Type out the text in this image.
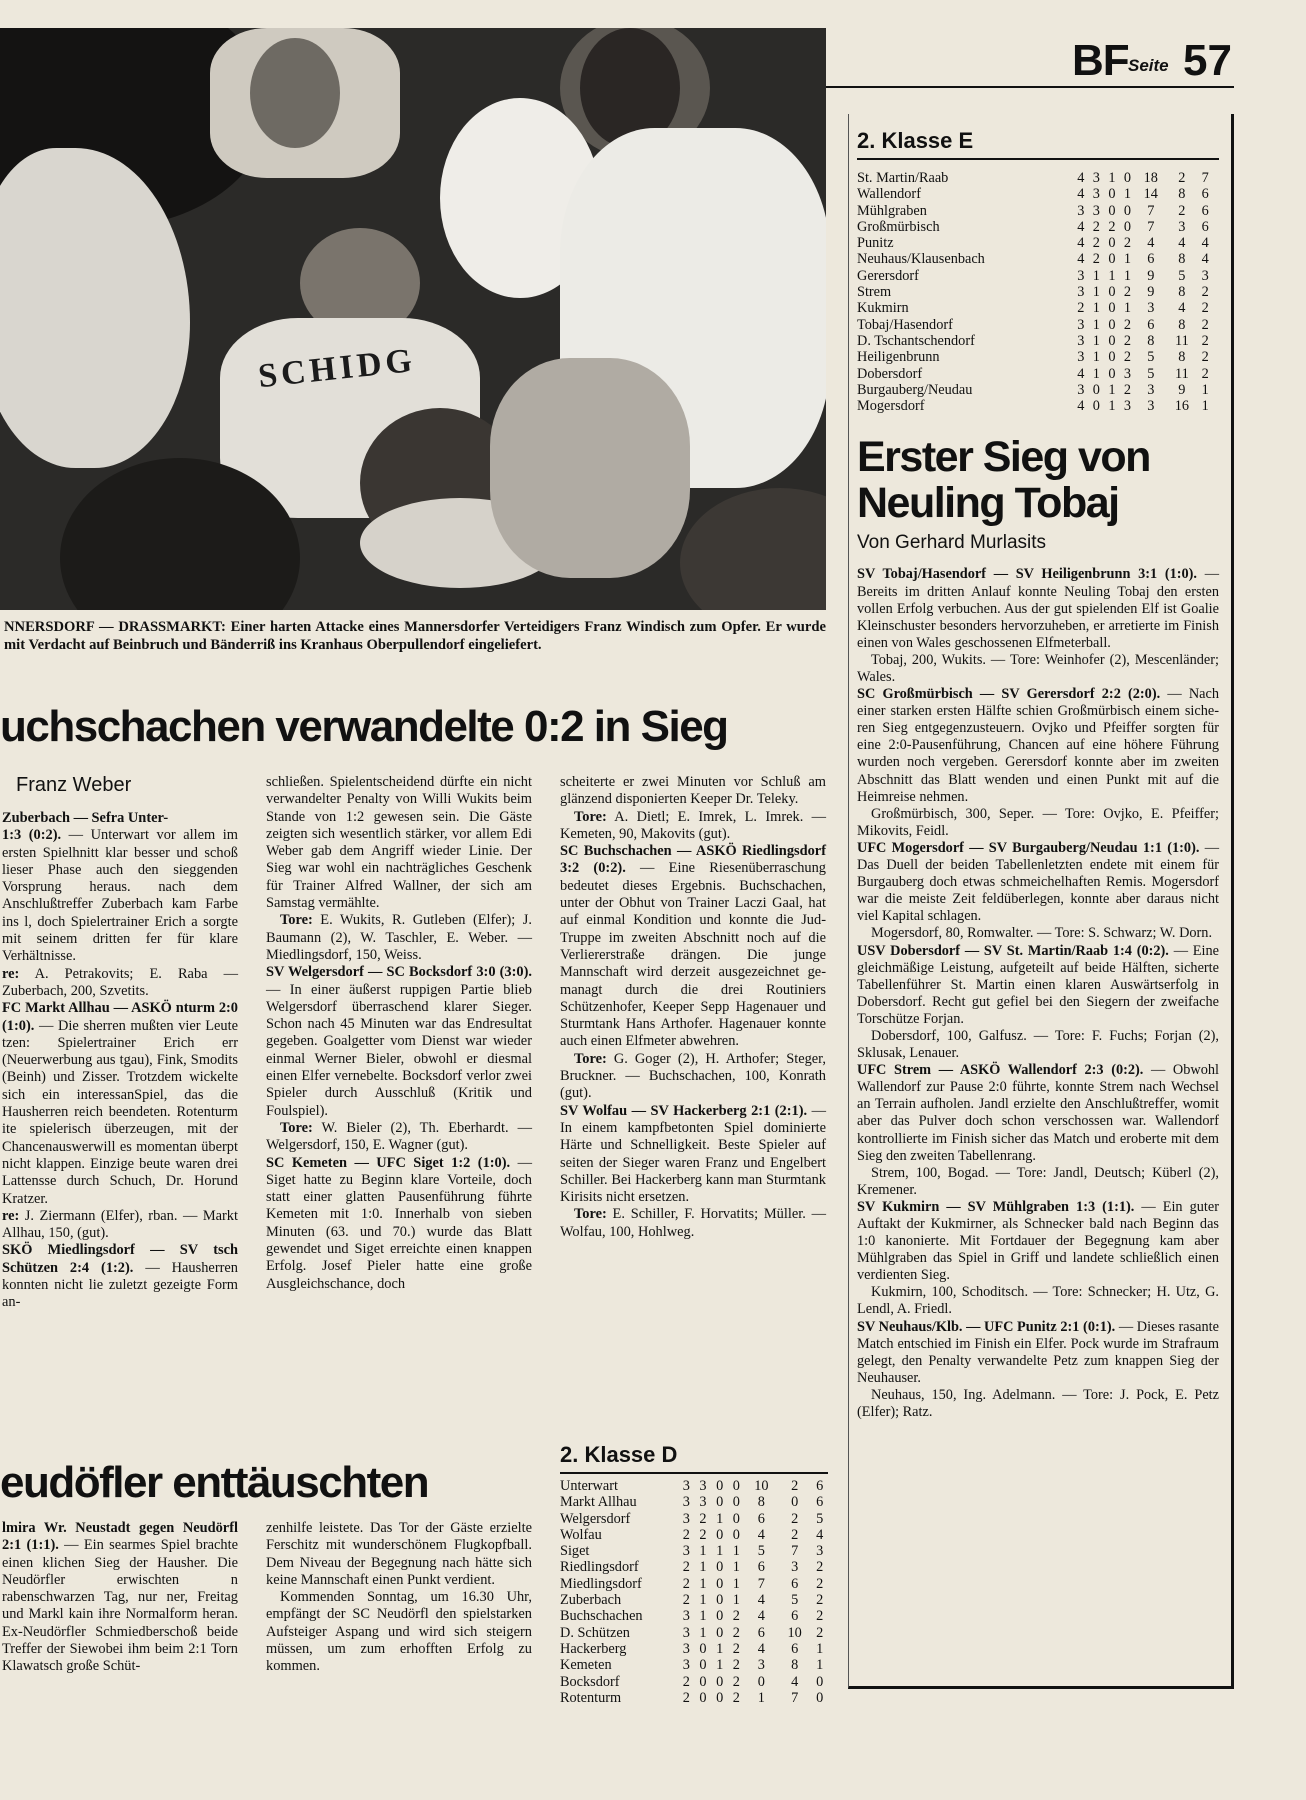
SCHIDG
NNERSDORF — DRASSMARKT: Einer harten Attacke eines Mannersdorfer Verteidigers Franz Windisch zum Opfer. Er wurde mit Verdacht auf Beinbruch und Bänderriß ins Kranhaus Oberpullendorf eingeliefert.
BF Seite 57
uchschachen verwandelte 0:2 in Sieg
Franz Weber

Zuberbach — Sefra Unter-

1:3 (0:2). — Unterwart vor allem im ersten Spielhnitt klar besser und schoß lieser Phase auch den sieggenden Vorsprung heraus. nach dem Anschlußtreffer Zuberbach kam Farbe ins l, doch Spielertrainer Erich a sorgte mit seinem dritten fer für klare Verhältnisse.

re: A. Petrakovits; E. Raba — Zuberbach, 200, Szvetits.

FC Markt Allhau — ASKÖ nturm 2:0 (1:0). — Die sherren mußten vier Leute tzen: Spielertrainer Erich err (Neuerwerbung aus tgau), Fink, Smodits (Beinh) und Zisser. Trotzdem wickelte sich ein interessanSpiel, das die Hausherren reich beendeten. Rotenturm ite spielerisch überzeugen, mit der Chancenauswerwill es momentan überpt nicht klappen. Einzige beute waren drei Lattensse durch Schuch, Dr. Horund Kratzer.

re: J. Ziermann (Elfer), rban. — Markt Allhau, 150, (gut).

SKÖ Miedlingsdorf — SV tsch Schützen 2:4 (1:2). — Hausherren konnten nicht lie zuletzt gezeigte Form an-

schließen. Spielentscheidend dürfte ein nicht verwandelter Penalty von Willi Wukits beim Stande von 1:2 gewesen sein. Die Gäste zeigten sich wesentlich stärker, vor allem Edi Weber gab dem Angriff wieder Linie. Der Sieg war wohl ein nachträgliches Geschenk für Trainer Alfred Wallner, der sich am Samstag vermählte.

Tore: E. Wukits, R. Gutleben (Elfer); J. Baumann (2), W. Taschler, E. Weber. — Miedlingsdorf, 150, Weiss.

SV Welgersdorf — SC Bocksdorf 3:0 (3:0). — In einer äußerst ruppigen Partie blieb Welgersdorf überraschend klarer Sieger. Schon nach 45 Minuten war das Endresultat gegeben. Goalgetter vom Dienst war wieder einmal Werner Bieler, obwohl er diesmal einen Elfer vernebelte. Bocksdorf verlor zwei Spieler durch Ausschluß (Kritik und Foulspiel).

Tore: W. Bieler (2), Th. Eberhardt. — Welgersdorf, 150, E. Wagner (gut).

SC Kemeten — UFC Siget 1:2 (1:0). — Siget hatte zu Beginn klare Vorteile, doch statt einer glatten Pausenführung führte Kemeten mit 1:0. Innerhalb von sieben Minuten (63. und 70.) wurde das Blatt gewendet und Siget erreichte einen knappen Erfolg. Josef Pieler hatte eine große Ausgleichschance, doch

scheiterte er zwei Minuten vor Schluß am glänzend disponierten Keeper Dr. Teleky.

Tore: A. Dietl; E. Imrek, L. Imrek. — Kemeten, 90, Makovits (gut).

SC Buchschachen — ASKÖ Riedlingsdorf 3:2 (0:2). — Eine Riesenüberraschung bedeutet dieses Ergebnis. Buchschachen, unter der Obhut von Trainer Laczi Gaal, hat auf einmal Kondition und konnte die JudTruppe im zweiten Abschnitt noch auf die Verliererstraße drängen. Die junge Mannschaft wird derzeit ausgezeichnet gemanagt durch die drei Routiniers Schützenhofer, Keeper Sepp Hagenauer und Sturmtank Hans Arthofer. Hagenauer konnte auch einen Elfmeter abwehren.

Tore: G. Goger (2), H. Arthofer; Steger, Bruckner. — Buchschachen, 100, Konrath (gut).

SV Wolfau — SV Hackerberg 2:1 (2:1). — In einem kampfbetonten Spiel dominierte Härte und Schnelligkeit. Beste Spieler auf seiten der Sieger waren Franz und Engelbert Schiller. Bei Hackerberg kann man Sturmtank Kirisits nicht ersetzen.

Tore: E. Schiller, F. Horvatits; Müller. — Wolfau, 100, Hohlweg.

eudöfler enttäuschten

lmira Wr. Neustadt gegen Neudörfl 2:1 (1:1). — Ein searmes Spiel brachte einen klichen Sieg der Hausher. Die Neudörfler erwischten n rabenschwarzen Tag, nur ner, Freitag und Markl kain ihre Normalform heran. Ex-Neudörfler Schmiedberschoß beide Treffer der Siewobei ihm beim 2:1 Torn Klawatsch große Schüt-

zenhilfe leistete. Das Tor der Gäste erzielte Ferschitz mit wunderschönem Flugkopfball. Dem Niveau der Begegnung nach hätte sich keine Mannschaft einen Punkt verdient.

Kommenden Sonntag, um 16.30 Uhr, empfängt der SC Neudörfl den spielstarken Aufsteiger Aspang und wird sich steigern müssen, um zum erhofften Erfolg zu kommen.

2. Klasse D
Unterwart	3	3	0	0	10	2	6
Markt Allhau	3	3	0	0	8	0	6
Welgersdorf	3	2	1	0	6	2	5
Wolfau	2	2	0	0	4	2	4
Siget	3	1	1	1	5	7	3
Riedlingsdorf	2	1	0	1	6	3	2
Miedlingsdorf	2	1	0	1	7	6	2
Zuberbach	2	1	0	1	4	5	2
Buchschachen	3	1	0	2	4	6	2
D. Schützen	3	1	0	2	6	10	2
Hackerberg	3	0	1	2	4	6	1
Kemeten	3	0	1	2	3	8	1
Bocksdorf	2	0	0	2	0	4	0
Rotenturm	2	0	0	2	1	7	0
2. Klasse E
St. Martin/Raab	4	3	1	0	18	2	7
Wallendorf	4	3	0	1	14	8	6
Mühlgraben	3	3	0	0	7	2	6
Großmürbisch	4	2	2	0	7	3	6
Punitz	4	2	0	2	4	4	4
Neuhaus/Klausenbach	4	2	0	1	6	8	4
Gerersdorf	3	1	1	1	9	5	3
Strem	3	1	0	2	9	8	2
Kukmirn	2	1	0	1	3	4	2
Tobaj/Hasendorf	3	1	0	2	6	8	2
D. Tschantschendorf	3	1	0	2	8	11	2
Heiligenbrunn	3	1	0	2	5	8	2
Dobersdorf	4	1	0	3	5	11	2
Burgauberg/Neudau	3	0	1	2	3	9	1
Mogersdorf	4	0	1	3	3	16	1
Erster Sieg von
Neuling Tobaj
Von Gerhard Murlasits

SV Tobaj/Hasendorf — SV Heiligenbrunn 3:1 (1:0). — Bereits im dritten Anlauf konnte Neuling Tobaj den ersten vollen Erfolg verbuchen. Aus der gut spielenden Elf ist Goalie Kleinschuster besonders hervorzuheben, er arretierte im Finish einen von Wales geschossenen Elfmeterball.

Tobaj, 200, Wukits. — Tore: Weinhofer (2), Mescenländer; Wales.

SC Großmürbisch — SV Gerersdorf 2:2 (2:0). — Nach einer starken ersten Hälfte schien Großmürbisch einem sicheren Sieg entgegenzusteuern. Ovjko und Pfeiffer sorgten für eine 2:0-Pausenführung, Chancen auf eine höhere Führung wurden noch vergeben. Gerersdorf konnte aber im zweiten Abschnitt das Blatt wenden und einen Punkt mit auf die Heimreise nehmen.

Großmürbisch, 300, Seper. — Tore: Ovjko, E. Pfeiffer; Mikovits, Feidl.

UFC Mogersdorf — SV Burgauberg/Neudau 1:1 (1:0). — Das Duell der beiden Tabellenletzten endete mit einem für Burgauberg doch etwas schmeichelhaften Remis. Mogersdorf war die meiste Zeit feldüberlegen, konnte aber daraus nicht viel Kapital schlagen.

Mogersdorf, 80, Romwalter. — Tore: S. Schwarz; W. Dorn.

USV Dobersdorf — SV St. Martin/Raab 1:4 (0:2). — Eine gleichmäßige Leistung, aufgeteilt auf beide Hälften, sicherte Tabellenführer St. Martin einen klaren Auswärtserfolg in Dobersdorf. Recht gut gefiel bei den Siegern der zweifache Torschütze Forjan.

Dobersdorf, 100, Galfusz. — Tore: F. Fuchs; Forjan (2), Sklusak, Lenauer.

UFC Strem — ASKÖ Wallendorf 2:3 (0:2). — Obwohl Wallendorf zur Pause 2:0 führte, konnte Strem nach Wechsel an Terrain aufholen. Jandl erzielte den Anschlußtreffer, womit aber das Pulver doch schon verschossen war. Wallendorf kontrollierte im Finish sicher das Match und eroberte mit dem Sieg den zweiten Tabellenrang.

Strem, 100, Bogad. — Tore: Jandl, Deutsch; Küberl (2), Kremener.

SV Kukmirn — SV Mühlgraben 1:3 (1:1). — Ein guter Auftakt der Kukmirner, als Schnecker bald nach Beginn das 1:0 kanonierte. Mit Fortdauer der Begegnung kam aber Mühlgraben das Spiel in Griff und landete schließlich einen verdienten Sieg.

Kukmirn, 100, Schoditsch. — Tore: Schnecker; H. Utz, G. Lendl, A. Friedl.

SV Neuhaus/Klb. — UFC Punitz 2:1 (0:1). — Dieses rasante Match entschied im Finish ein Elfer. Pock wurde im Strafraum gelegt, den Penalty verwandelte Petz zum knappen Sieg der Neuhauser.

Neuhaus, 150, Ing. Adelmann. — Tore: J. Pock, E. Petz (Elfer); Ratz.
